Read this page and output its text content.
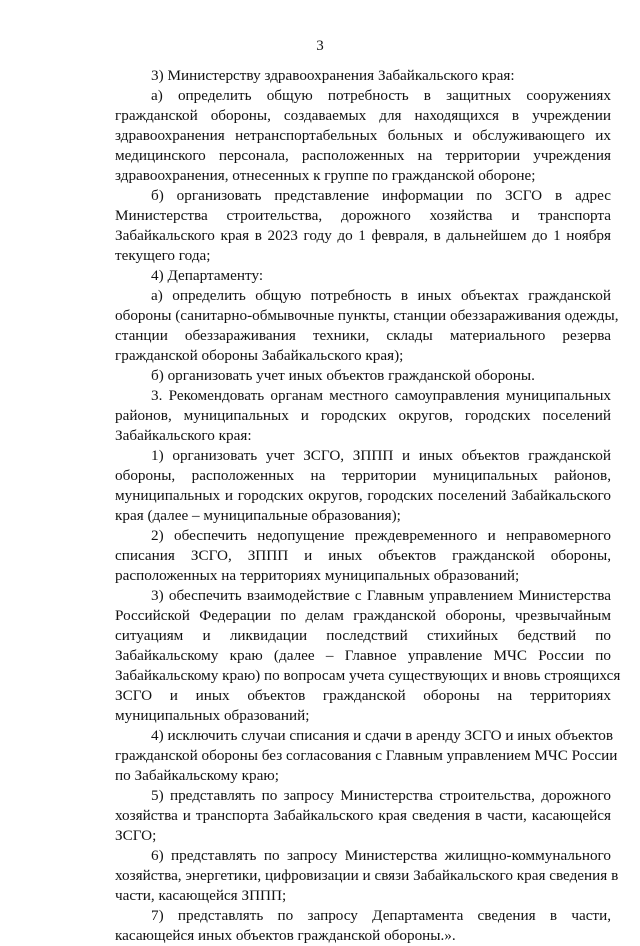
3
3) Министерству здравоохранения Забайкальского края:
а) определить общую потребность в защитных сооружениях
гражданской обороны, создаваемых для находящихся в учреждении
здравоохранения нетранспортабельных больных и обслуживающего их
медицинского персонала, расположенных на территории учреждения
здравоохранения, отнесенных к группе по гражданской обороне;
б) организовать представление информации по ЗСГО в адрес
Министерства строительства, дорожного хозяйства и транспорта
Забайкальского края в 2023 году до 1 февраля, в дальнейшем до 1 ноября
текущего года;
4) Департаменту:
а) определить общую потребность в иных объектах гражданской
обороны (санитарно-обмывочные пункты, станции обеззараживания одежды,
станции обеззараживания техники, склады материального резерва
гражданской обороны Забайкальского края);
б) организовать учет иных объектов гражданской обороны.
3. Рекомендовать органам местного самоуправления муниципальных
районов, муниципальных и городских округов, городских поселений
Забайкальского края:
1) организовать учет ЗСГО, ЗППП и иных объектов гражданской
обороны, расположенных на территории муниципальных районов,
муниципальных и городских округов, городских поселений Забайкальского
края (далее – муниципальные образования);
2) обеспечить недопущение преждевременного и неправомерного
списания ЗСГО, ЗППП и иных объектов гражданской обороны,
расположенных на территориях муниципальных образований;
3) обеспечить взаимодействие с Главным управлением Министерства
Российской Федерации по делам гражданской обороны, чрезвычайным
ситуациям и ликвидации последствий стихийных бедствий по
Забайкальскому краю (далее – Главное управление МЧС России по
Забайкальскому краю) по вопросам учета существующих и вновь строящихся
ЗСГО и иных объектов гражданской обороны на территориях
муниципальных образований;
4) исключить случаи списания и сдачи в аренду ЗСГО и иных объектов
гражданской обороны без согласования с Главным управлением МЧС России
по Забайкальскому краю;
5) представлять по запросу Министерства строительства, дорожного
хозяйства и транспорта Забайкальского края сведения в части, касающейся
ЗСГО;
6) представлять по запросу Министерства жилищно-коммунального
хозяйства, энергетики, цифровизации и связи Забайкальского края сведения в
части, касающейся ЗППП;
7) представлять по запросу Департамента сведения в части,
касающейся иных объектов гражданской обороны.».
